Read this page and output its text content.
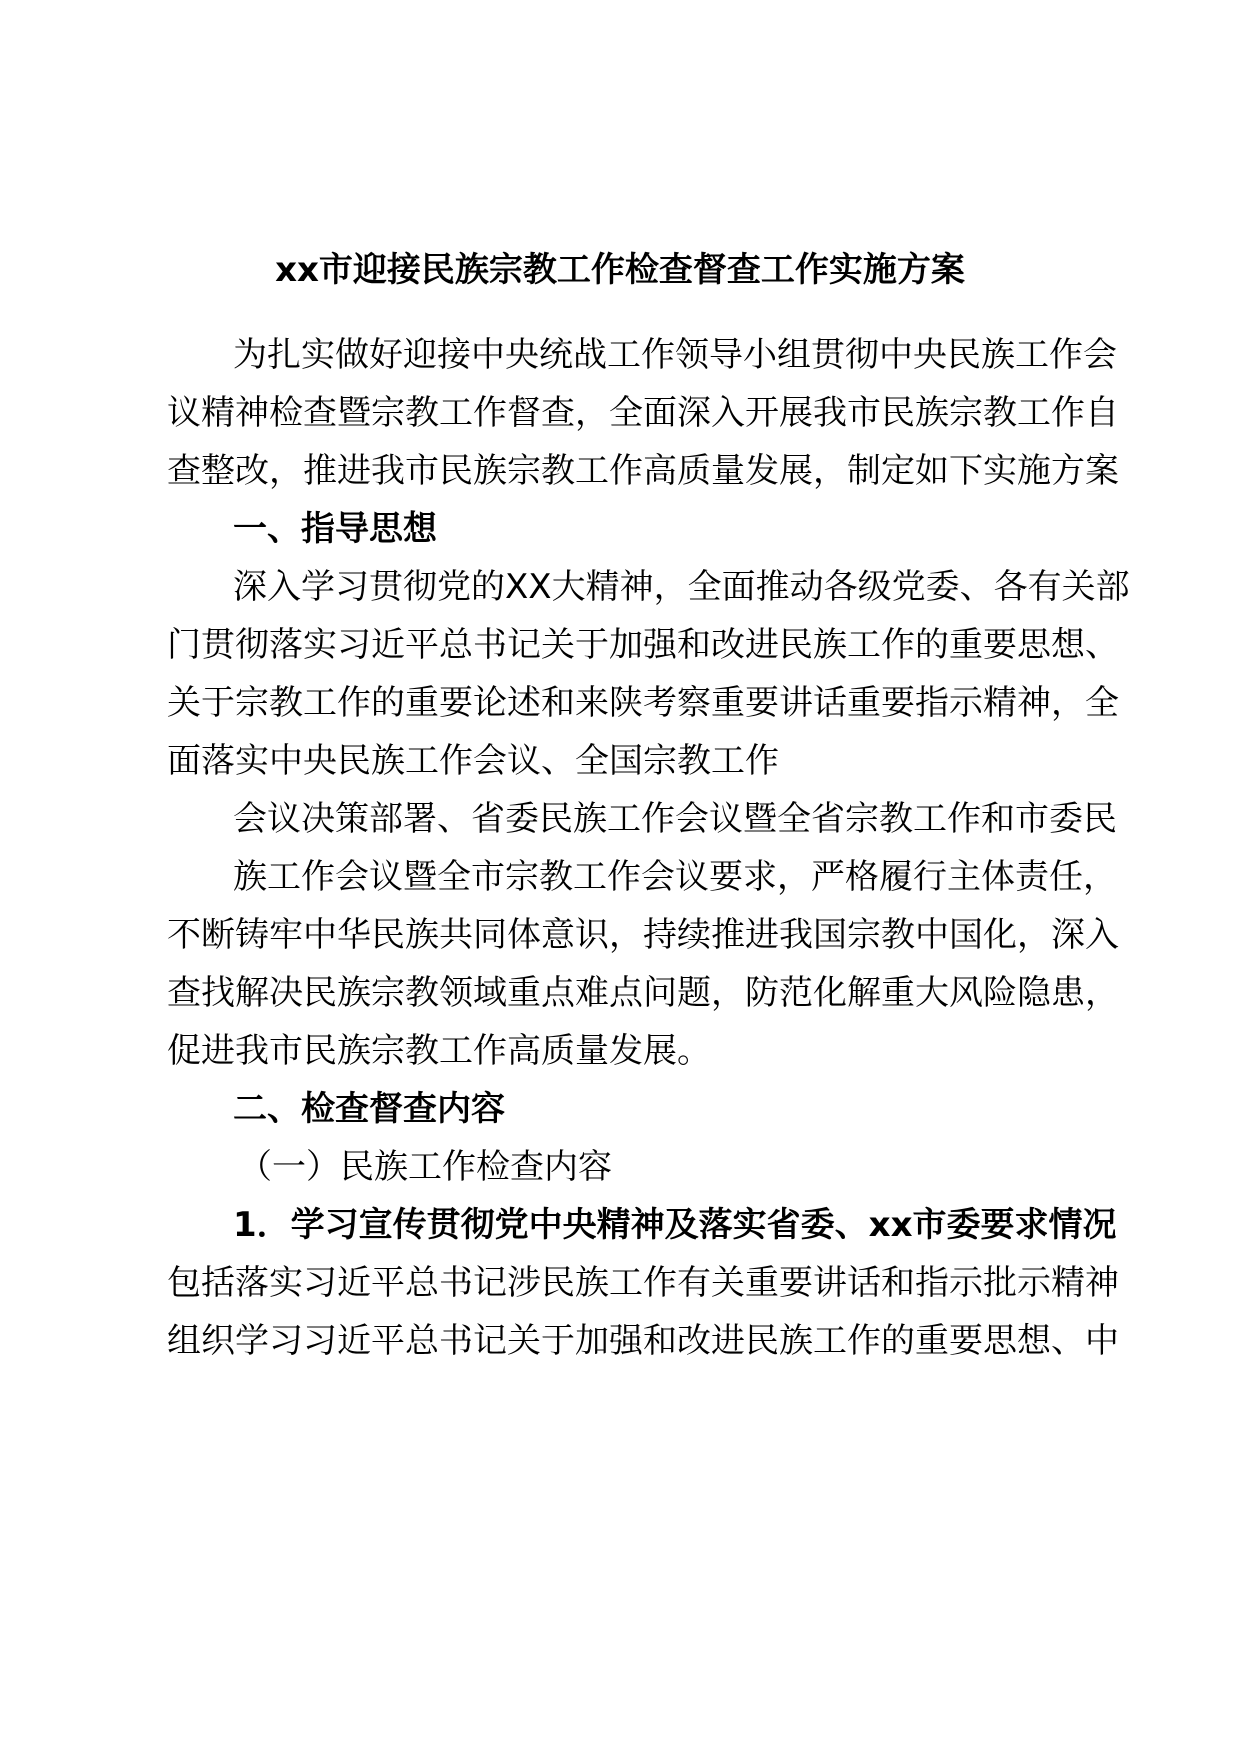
xx市迎接民族宗教工作检查督查工作实施方案
为扎实做好迎接中央统战工作领导小组贯彻中央民族工作会
议精神检查暨宗教工作督查，全面深入开展我市民族宗教工作自
查整改，推进我市民族宗教工作高质量发展，制定如下实施方案
一、指导思想
深入学习贯彻党的XX大精神，全面推动各级党委、各有关部
门贯彻落实习近平总书记关于加强和改进民族工作的重要思想、
关于宗教工作的重要论述和来陕考察重要讲话重要指示精神，全
面落实中央民族工作会议、全国宗教工作
会议决策部署、省委民族工作会议暨全省宗教工作和市委民
族工作会议暨全市宗教工作会议要求，严格履行主体责任，
不断铸牢中华民族共同体意识，持续推进我国宗教中国化，深入
查找解决民族宗教领域重点难点问题，防范化解重大风险隐患，
促进我市民族宗教工作高质量发展。
二、检查督查内容
（一）民族工作检查内容
1．学习宣传贯彻党中央精神及落实省委、xx市委要求情况
包括落实习近平总书记涉民族工作有关重要讲话和指示批示精神
组织学习习近平总书记关于加强和改进民族工作的重要思想、中
